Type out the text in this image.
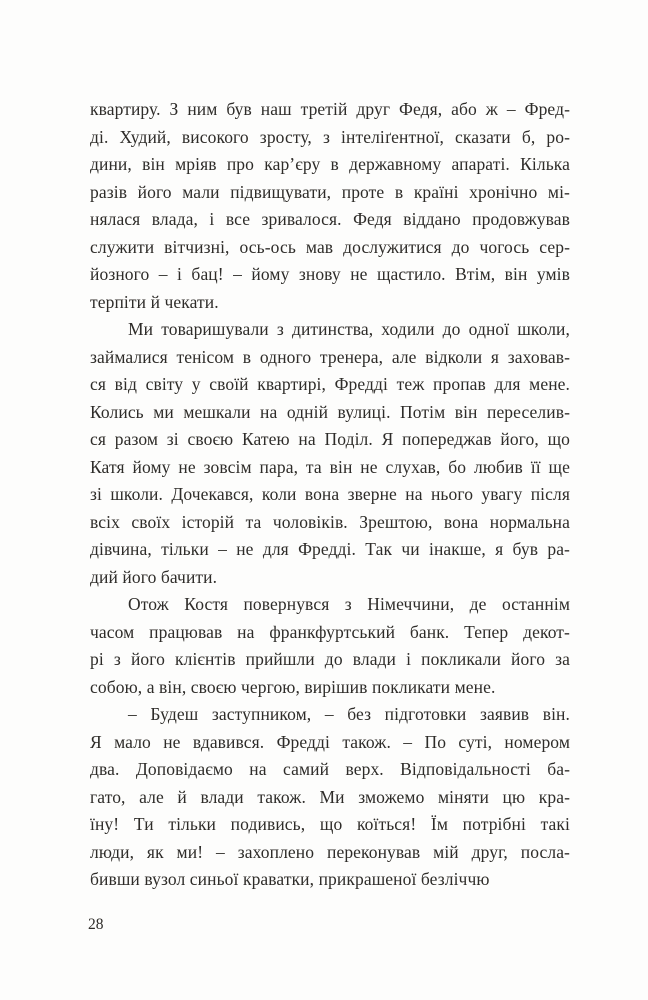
квартиру. З ним був наш третій друг Федя, або ж – Фред-
ді. Худий, високого зросту, з інтеліґентної, сказати б, ро-
дини, він мріяв про кар’єру в державному апараті. Кілька
разів його мали підвищувати, проте в країні хронічно мі-
нялася влада, і все зривалося. Федя віддано продовжував
служити вітчизні, ось-ось мав дослужитися до чогось сер-
йозного – і бац! – йому знову не щастило. Втім, він умів
терпіти й чекати.
Ми товаришували з дитинства, ходили до одної школи,
займалися тенісом в одного тренера, але відколи я заховав-
ся від світу у своїй квартирі, Фредді теж пропав для мене.
Колись ми мешкали на одній вулиці. Потім він переселив-
ся разом зі своєю Катею на Поділ. Я попереджав його, що
Катя йому не зовсім пара, та він не слухав, бо любив її ще
зі школи. Дочекався, коли вона зверне на нього увагу після
всіх своїх історій та чоловіків. Зрештою, вона нормальна
дівчина, тільки – не для Фредді. Так чи інакше, я був ра-
дий його бачити.
Отож Костя повернувся з Німеччини, де останнім
часом працював на франкфуртський банк. Тепер декот-
рі з його клієнтів прийшли до влади і покликали його за
собою, а він, своєю чергою, вирішив покликати мене.
– Будеш заступником, – без підготовки заявив він.
Я мало не вдавився. Фредді також. – По суті, номером
два. Доповідаємо на самий верх. Відповідальності ба-
гато, але й влади також. Ми зможемо міняти цю кра-
їну! Ти тільки подивись, що коїться! Їм потрібні такі
люди, як ми! – захоплено переконував мій друг, посла-
бивши вузол синьої краватки, прикрашеної безліччю
28
